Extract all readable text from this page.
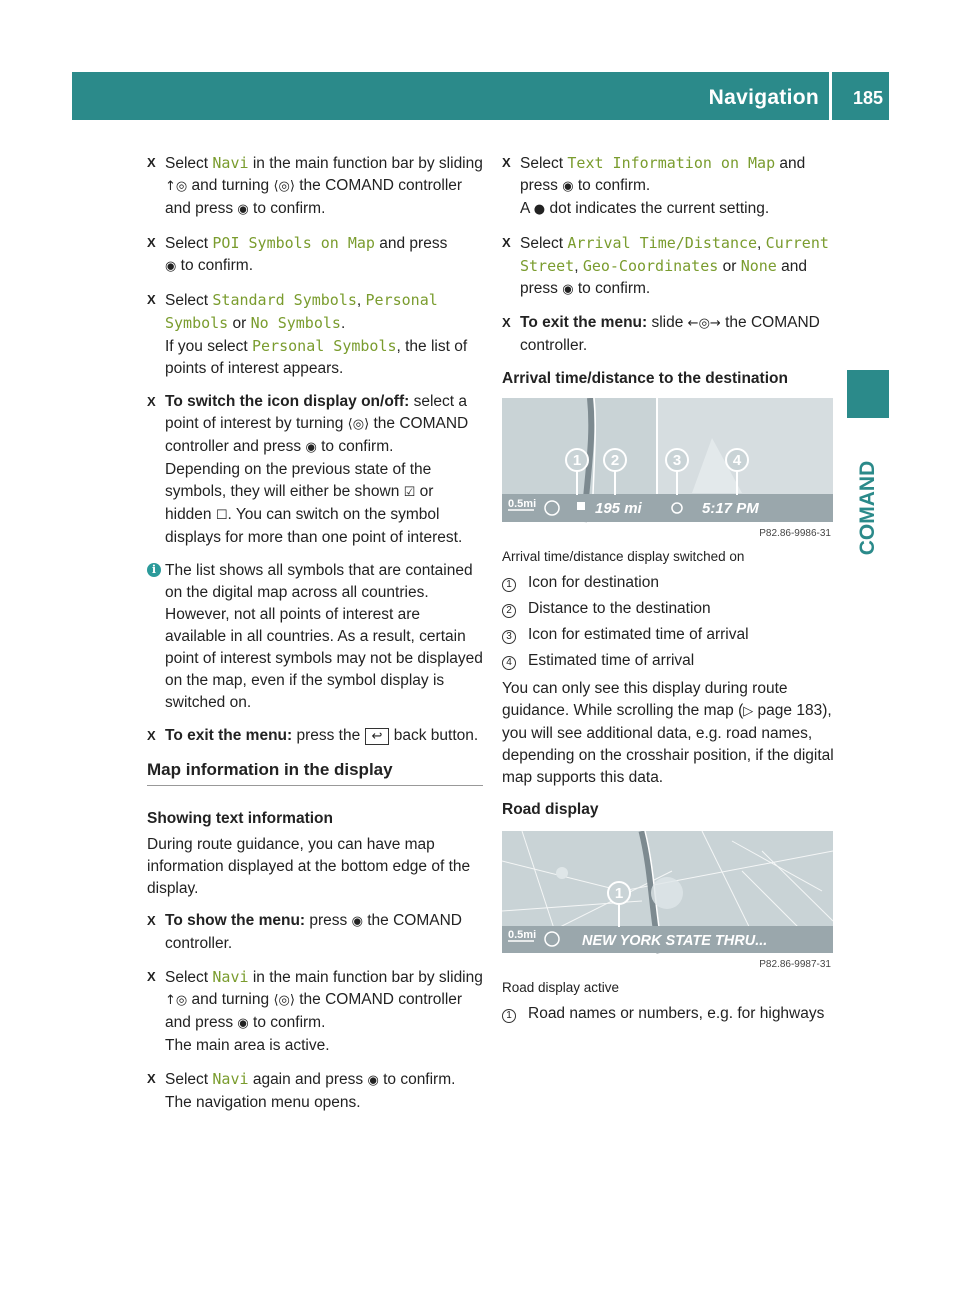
Navigation 185
COMAND
X Select Navi in the main function bar by sliding ↑◎ and turning ⟨◎⟩ the COMAND controller and press ◉ to confirm.
X Select POI Symbols on Map and press
◉ to confirm.
X Select Standard Symbols, Personal Symbols or No Symbols.
If you select Personal Symbols, the list of points of interest appears.
X To switch the icon display on/off: select a point of interest by turning ⟨◎⟩ the COMAND controller and press ◉ to confirm.
Depending on the previous state of the symbols, they will either be shown ☑ or hidden ☐. You can switch on the symbol displays for more than one point of interest.
i The list shows all symbols that are contained on the digital map across all countries. However, not all points of interest are available in all countries. As a result, certain point of interest symbols may not be displayed on the map, even if the symbol display is switched on.
X To exit the menu: press the ↩ back button.
Map information in the display
Showing text information
During route guidance, you can have map information displayed at the bottom edge of the display.
X To show the menu: press ◉ the COMAND controller.
X Select Navi in the main function bar by sliding ↑◎ and turning ⟨◎⟩ the COMAND controller and press ◉ to confirm.
The main area is active.
X Select Navi again and press ◉ to confirm.
The navigation menu opens.
X Select Text Information on Map and press ◉ to confirm.
A ● dot indicates the current setting.
X Select Arrival Time/Distance, Current Street, Geo-Coordinates or None and press ◉ to confirm.
X To exit the menu: slide ←◎→ the COMAND controller.
Arrival time/distance to the destination
1 2	3	4
0.5mi	195 mi	5:17 PM
P82.86-9986-31
Arrival time/distance display switched on
1	Icon for destination
2	Distance to the destination
3	Icon for estimated time of arrival
4	Estimated time of arrival
You can only see this display during route guidance. While scrolling the map (▷ page 183), you will see additional data, e.g. road names, depending on the crosshair position, if the digital map supports this data.
Road display
1
0.5mi	NEW YORK STATE THRU...
P82.86-9987-31
Road display active
1	Road names or numbers, e.g. for highways
